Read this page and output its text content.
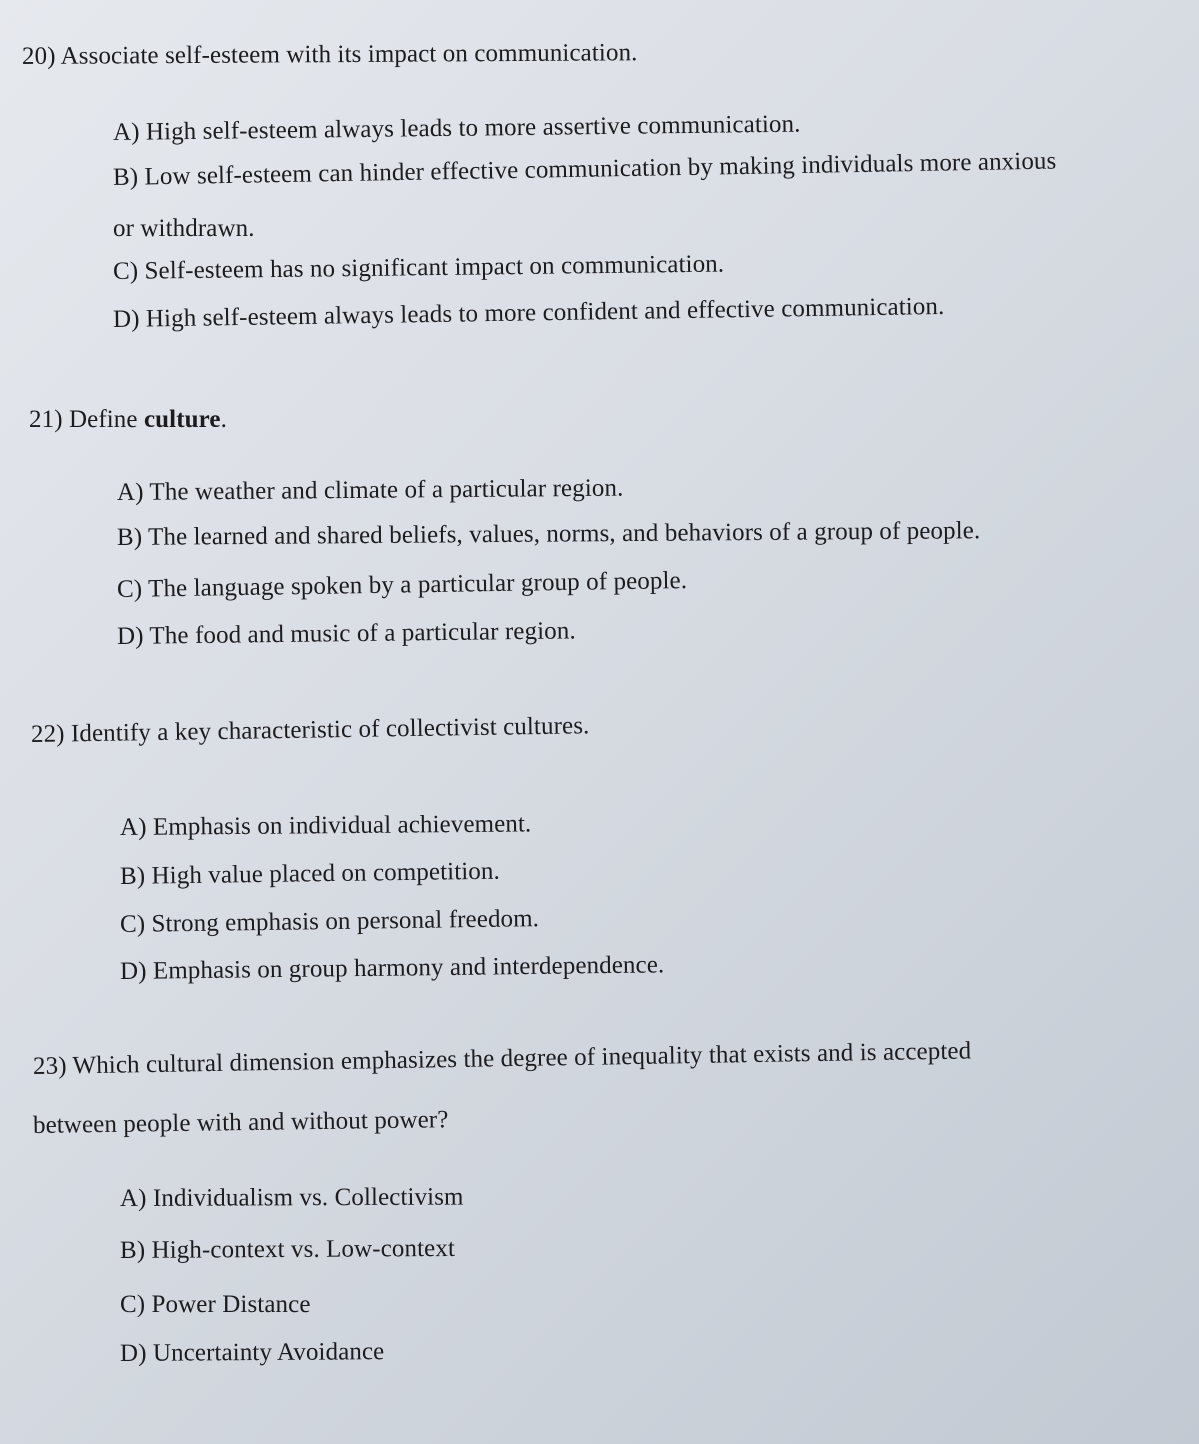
20) Associate self-esteem with its impact on communication.
A) High self-esteem always leads to more assertive communication.
B) Low self-esteem can hinder effective communication by making individuals more anxious
or withdrawn.
C) Self-esteem has no significant impact on communication.
D) High self-esteem always leads to more confident and effective communication.
21) Define culture.
A) The weather and climate of a particular region.
B) The learned and shared beliefs, values, norms, and behaviors of a group of people.
C) The language spoken by a particular group of people.
D) The food and music of a particular region.
22) Identify a key characteristic of collectivist cultures.
A) Emphasis on individual achievement.
B) High value placed on competition.
C) Strong emphasis on personal freedom.
D) Emphasis on group harmony and interdependence.
23) Which cultural dimension emphasizes the degree of inequality that exists and is accepted
between people with and without power?
A) Individualism vs. Collectivism
B) High-context vs. Low-context
C) Power Distance
D) Uncertainty Avoidance
